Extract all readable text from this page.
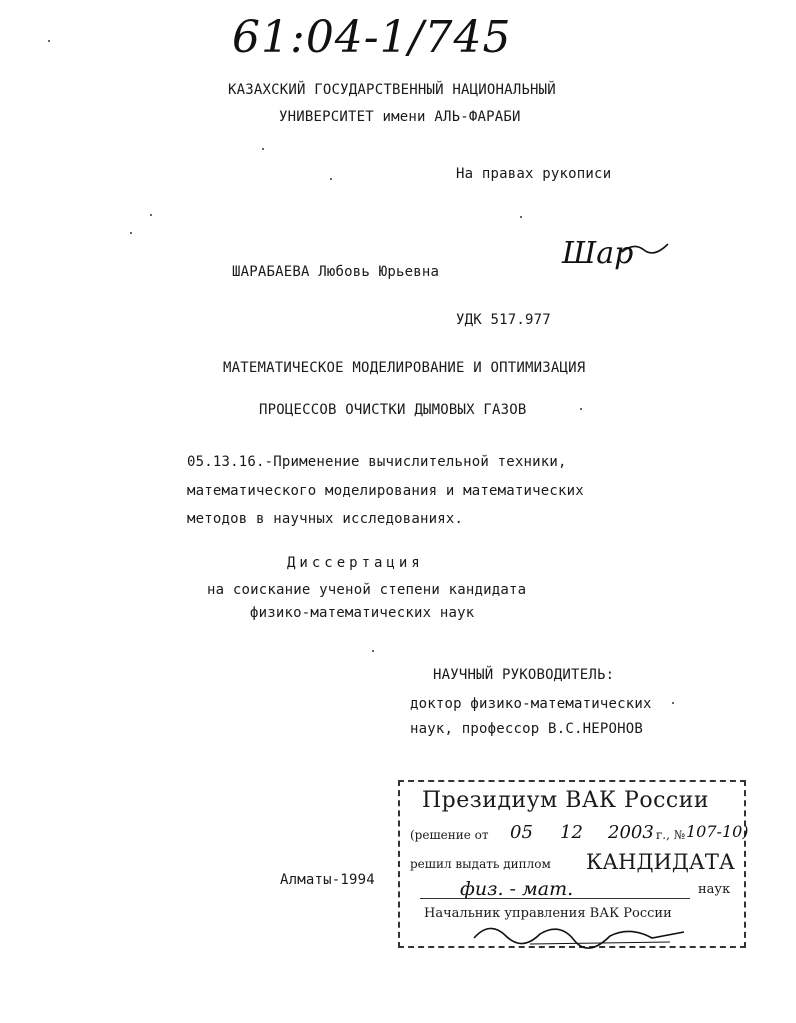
61:04-1/745
КАЗАХСКИЙ ГОСУДАРСТВЕННЫЙ НАЦИОНАЛЬНЫЙ
УНИВЕРСИТЕТ имени АЛЬ-ФАРАБИ
На правах рукописи
ШАРАБАЕВА Любовь Юрьевна
Шар
УДК 517.977
МАТЕМАТИЧЕСКОЕ МОДЕЛИРОВАНИЕ И ОПТИМИЗАЦИЯ
ПРОЦЕССОВ ОЧИСТКИ ДЫМОВЫХ ГАЗОВ
05.13.16.-Применение вычислительной техники,
математического моделирования и математических
методов в научных исследованиях.
Диссертация
на соискание ученой степени кандидата
физико-математических наук
НАУЧНЫЙ РУКОВОДИТЕЛЬ:
доктор физико-математических
наук, профессор В.С.НЕРОНОВ
Алматы-1994
Президиум ВАК России
(решение от 05 12 2003 г., № 107-10)
решил выдать диплом КАНДИДАТА
физ. - мат.	наук
Начальник управления ВАК России
